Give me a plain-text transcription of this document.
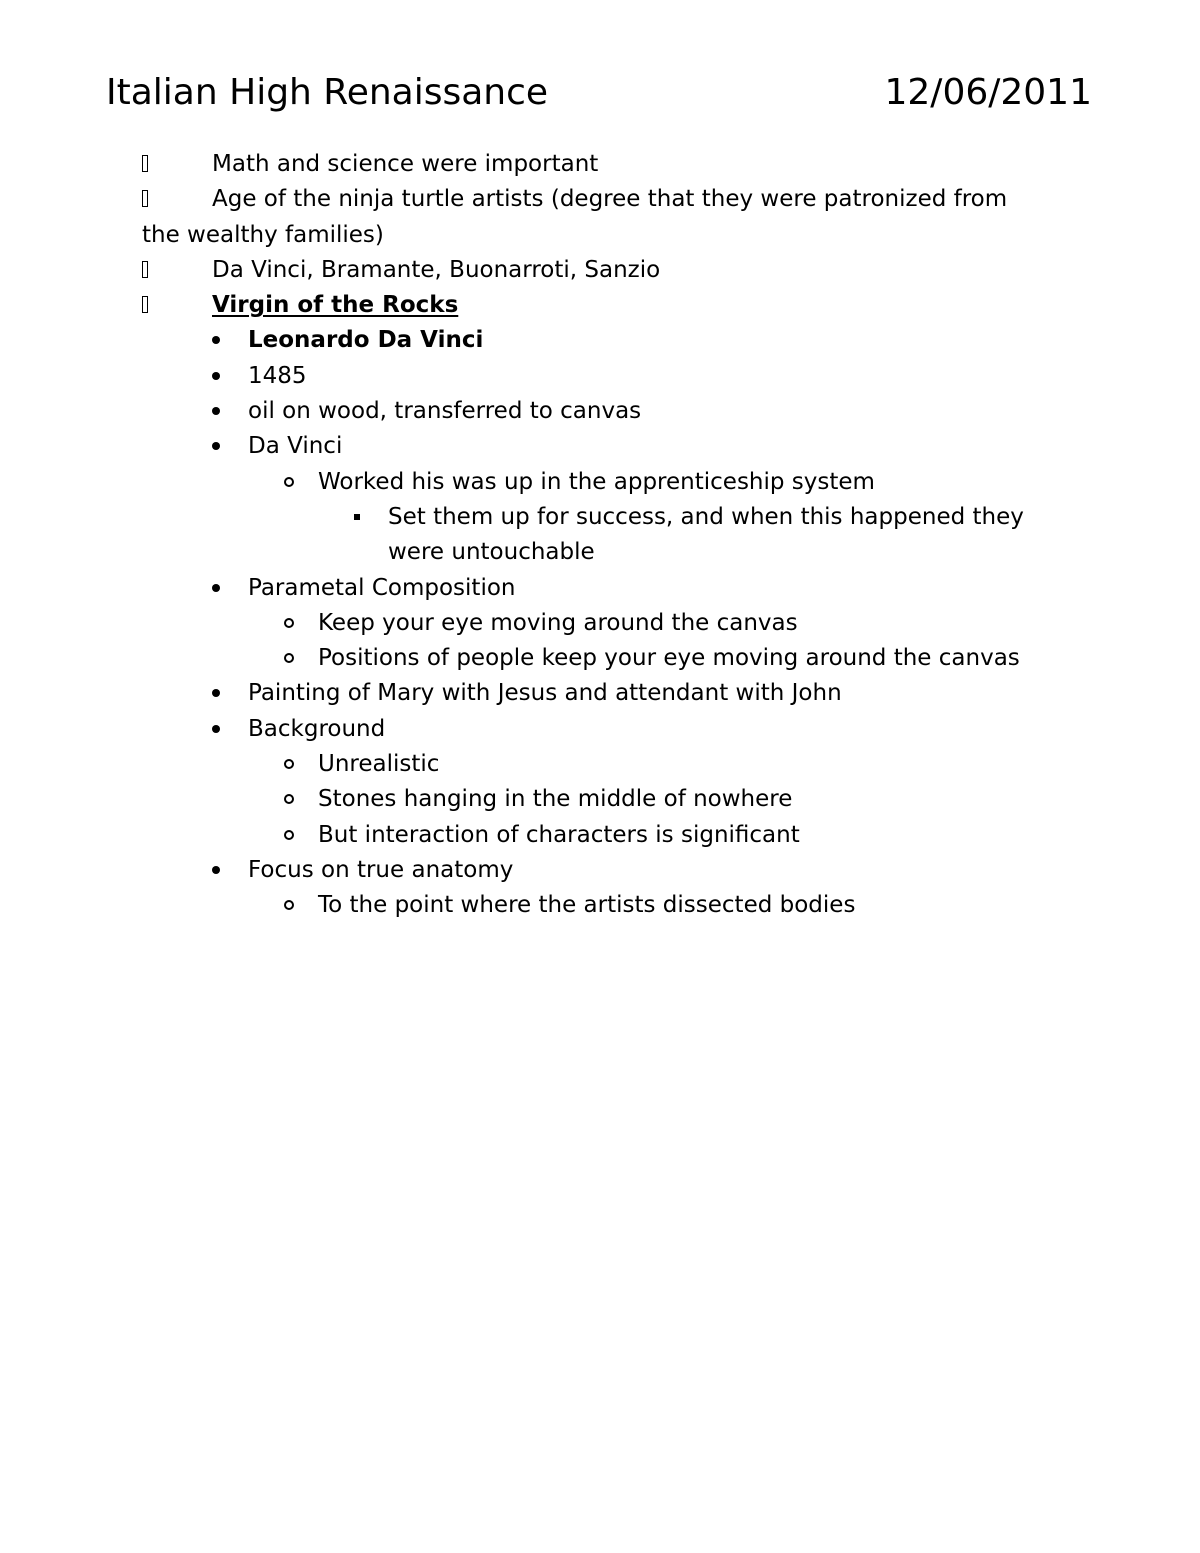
Italian High Renaissance	12/06/2011
Math and science were important
Age of the ninja turtle artists (degree that they were patronized from the wealthy families)
Da Vinci, Bramante, Buonarroti, Sanzio
Virgin of the Rocks
Leonardo Da Vinci
1485
oil on wood, transferred to canvas
Da Vinci
Worked his was up in the apprenticeship system
Set them up for success, and when this happened they were untouchable
Parametal Composition
Keep your eye moving around the canvas
Positions of people keep your eye moving around the canvas
Painting of Mary with Jesus and attendant with John
Background
Unrealistic
Stones hanging in the middle of nowhere
But interaction of characters is significant
Focus on true anatomy
To the point where the artists dissected bodies
